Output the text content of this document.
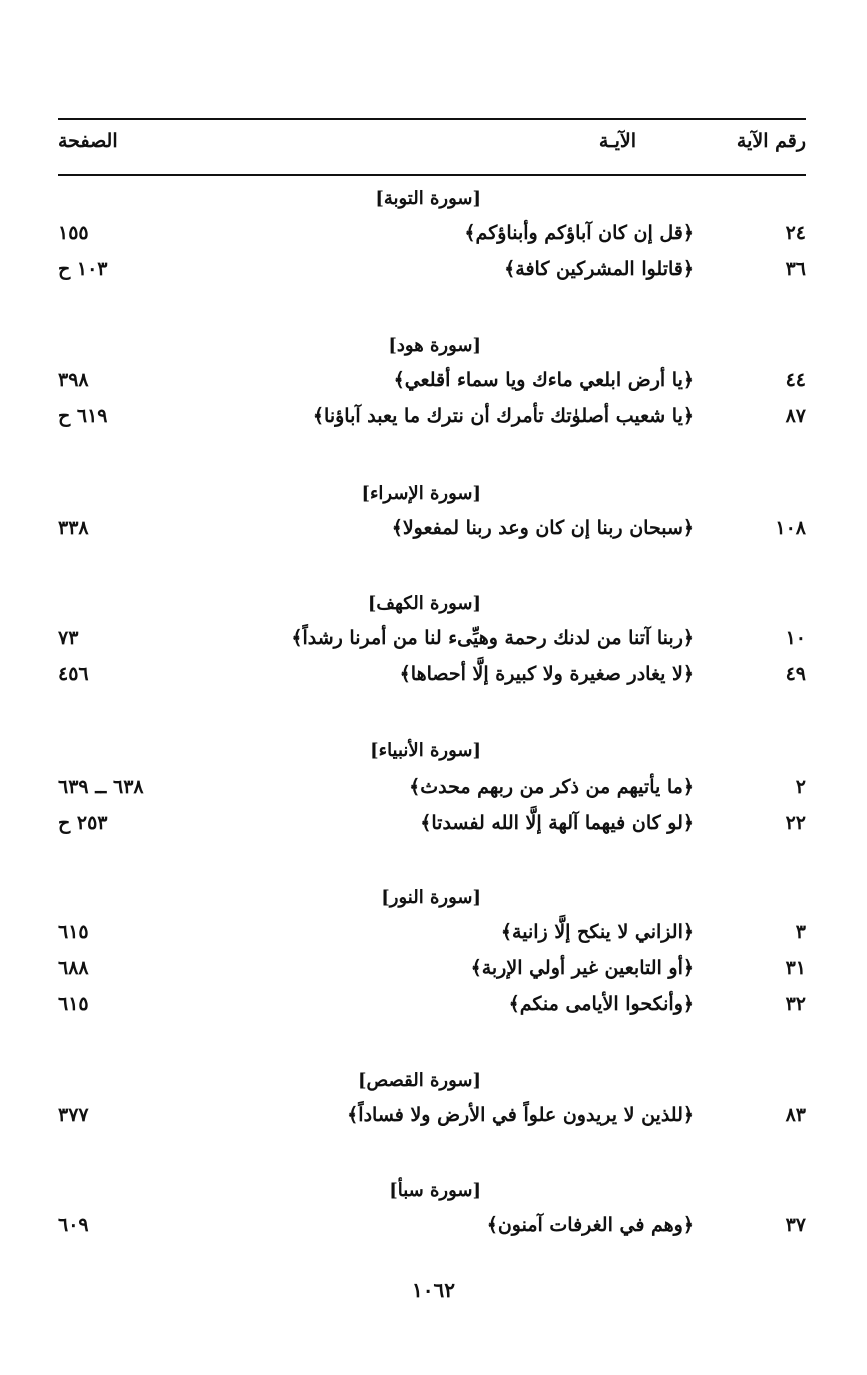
رقم الآية
الآيـة
الصفحة
[سورة التوبة]
٢٤
﴿قل إن كان آباؤكم وأبناؤكم﴾
١٥٥
٣٦
﴿قاتلوا المشركين كافة﴾
١٠٣ ح
[سورة هود]
٤٤
﴿يا أرض ابلعي ماءك ويا سماء أقلعي﴾
٣٩٨
٨٧
﴿يا شعيب أصلوٰتك تأمرك أن نترك ما يعبد آباؤنا﴾
٦١٩ ح
[سورة الإسراء]
١٠٨
﴿سبحان ربنا إن كان وعد ربنا لمفعولا﴾
٣٣٨
[سورة الكهف]
١٠
﴿ربنا آتنا من لدنك رحمة وهيِّىء لنا من أمرنا رشداً﴾
٧٣
٤٩
﴿لا يغادر صغيرة ولا كبيرة إلَّا أحصاها﴾
٤٥٦
[سورة الأنبياء]
٢
﴿ما يأتيهم من ذكر من ربهم محدث﴾
٦٣٨ ــ ٦٣٩
٢٢
﴿لو كان فيهما آلهة إلَّا الله لفسدتا﴾
٢٥٣ ح
[سورة النور]
٣
﴿الزاني لا ينكح إلَّا زانية﴾
٦١٥
٣١
﴿أو التابعين غير أولي الإربة﴾
٦٨٨
٣٢
﴿وأنكحوا الأيامى منكم﴾
٦١٥
[سورة القصص]
٨٣
﴿للذين لا يريدون علواً في الأرض ولا فساداً﴾
٣٧٧
[سورة سبأ]
٣٧
﴿وهم في الغرفات آمنون﴾
٦٠٩
١٠٦٢
